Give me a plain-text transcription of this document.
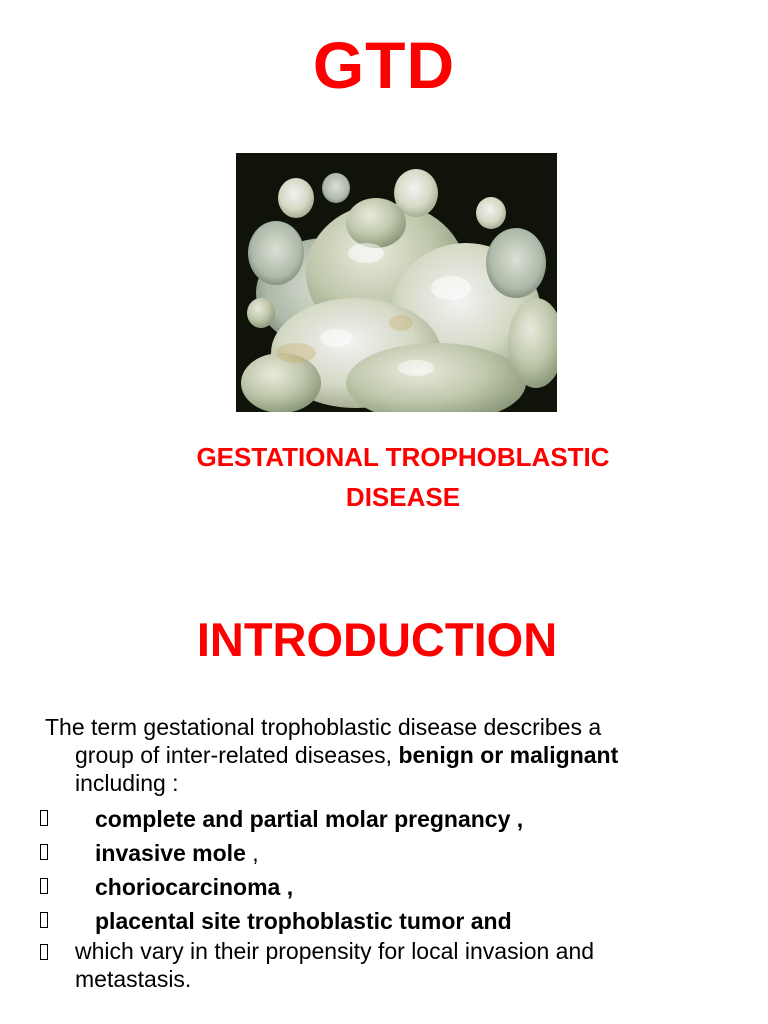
GTD
GESTATIONAL TROPHOBLASTIC
DISEASE
INTRODUCTION
The term gestational trophoblastic disease describes a
group of inter-related diseases, benign or malignant
including :
complete and partial molar pregnancy ,
invasive mole ,
choriocarcinoma ,
placental site trophoblastic tumor and
which vary in their propensity for local invasion and
metastasis.
